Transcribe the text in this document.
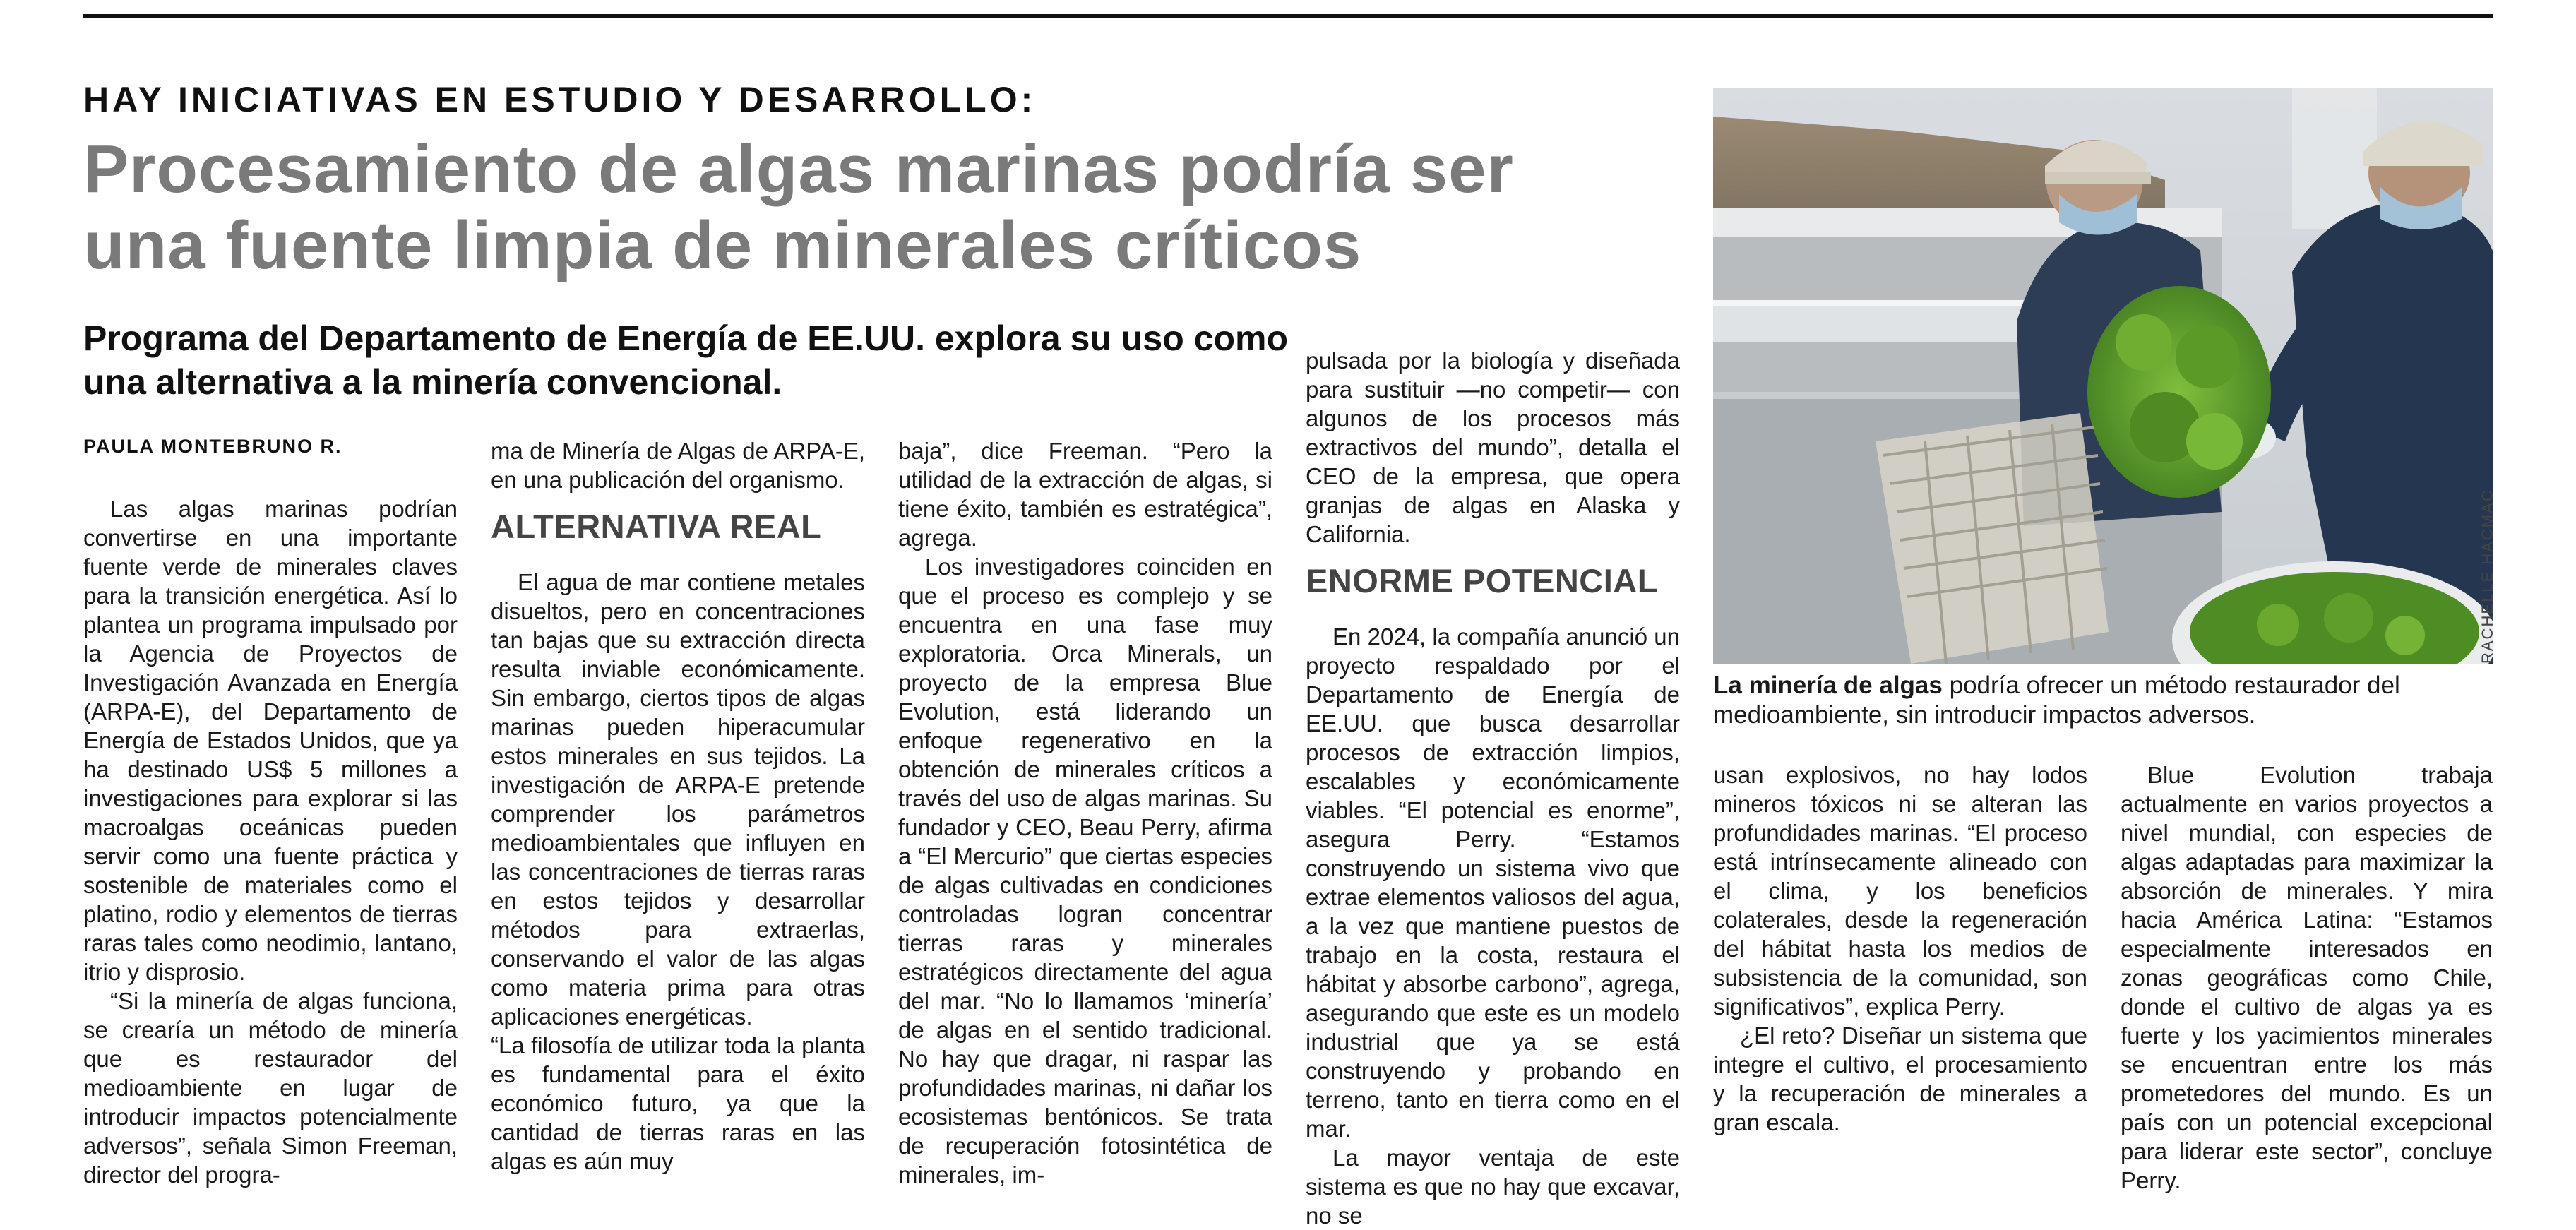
HAY INICIATIVAS EN ESTUDIO Y DESARROLLO:
Procesamiento de algas marinas podría ser
una fuente limpia de minerales críticos
Programa del Departamento de Energía de EE.UU. explora su uso como una alternativa a la minería convencional.
PAULA MONTEBRUNO R.

Las algas marinas podrían convertirse en una importante fuente verde de minerales claves para la transición energética. Así lo plantea un programa impulsado por la Agencia de Proyectos de Investigación Avanzada en Energía (ARPA-E), del Departamento de Energía de Estados Unidos, que ya ha destinado US$ 5 millones a investigaciones para explorar si las macroalgas oceánicas pueden servir como una fuente práctica y sostenible de materiales como el platino, rodio y elementos de tierras raras tales como neodimio, lantano, itrio y disprosio.

“Si la minería de algas funciona, se crearía un método de minería que es restaurador del medioambiente en lugar de introducir impactos potencialmente adversos”, señala Simon Freeman, director del progra-

ma de Minería de Algas de ARPA-E, en una publicación del organismo.

ALTERNATIVA REAL

El agua de mar contiene metales disueltos, pero en concentraciones tan bajas que su extracción directa resulta inviable económicamente. Sin embargo, ciertos tipos de algas marinas pueden hiperacumular estos minerales en sus tejidos. La investigación de ARPA-E pretende comprender los parámetros medioambientales que influyen en las concentraciones de tierras raras en estos tejidos y desarrollar métodos para extraerlas, conservando el valor de las algas como materia prima para otras aplicaciones energéticas.

“La filosofía de utilizar toda la planta es fundamental para el éxito económico futuro, ya que la cantidad de tierras raras en las algas es aún muy

baja”, dice Freeman. “Pero la utilidad de la extracción de algas, si tiene éxito, también es estratégica”, agrega.

Los investigadores coinciden en que el proceso es complejo y se encuentra en una fase muy exploratoria. Orca Minerals, un proyecto de la empresa Blue Evolution, está liderando un enfoque regenerativo en la obtención de minerales críticos a través del uso de algas marinas. Su fundador y CEO, Beau Perry, afirma a “El Mercurio” que ciertas especies de algas cultivadas en condiciones controladas logran concentrar tierras raras y minerales estratégicos directamente del agua del mar. “No lo llamamos ‘minería’ de algas en el sentido tradicional. No hay que dragar, ni raspar las profundidades marinas, ni dañar los ecosistemas bentónicos. Se trata de recuperación fotosintética de minerales, im-

pulsada por la biología y diseñada para sustituir —no competir— con algunos de los procesos más extractivos del mundo”, detalla el CEO de la empresa, que opera granjas de algas en Alaska y California.

ENORME POTENCIAL

En 2024, la compañía anunció un proyecto respaldado por el Departamento de Energía de EE.UU. que busca desarrollar procesos de extracción limpios, escalables y económicamente viables. “El potencial es enorme”, asegura Perry. “Estamos construyendo un sistema vivo que extrae elementos valiosos del agua, a la vez que mantiene puestos de trabajo en la costa, restaura el hábitat y absorbe carbono”, agrega, asegurando que este es un modelo industrial que ya se está construyendo y probando en terreno, tanto en tierra como en el mar.

La mayor ventaja de este sistema es que no hay que excavar, no se

usan explosivos, no hay lodos mineros tóxicos ni se alteran las profundidades marinas. “El proceso está intrínsecamente alineado con el clima, y los beneficios colaterales, desde la regeneración del hábitat hasta los medios de subsistencia de la comunidad, son significativos”, explica Perry.

¿El reto? Diseñar un sistema que integre el cultivo, el procesamiento y la recuperación de minerales a gran escala.

Blue Evolution trabaja actualmente en varios proyectos a nivel mundial, con especies de algas adaptadas para maximizar la absorción de minerales. Y mira hacia América Latina: “Estamos especialmente interesados en zonas geográficas como Chile, donde el cultivo de algas ya es fuerte y los yacimientos minerales se encuentran entre los más prometedores del mundo. Es un país con un potencial excepcional para liderar este sector”, concluye Perry.

RACHELLE HACMAC
La minería de algas podría ofrecer un método restaurador del medioambiente, sin introducir impactos adversos.
